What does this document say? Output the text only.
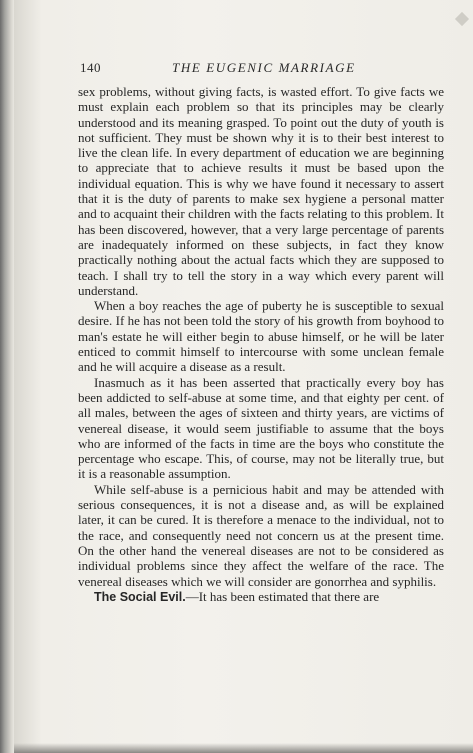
140	THE EUGENIC MARRIAGE

sex problems, without giving facts, is wasted effort. To give facts we must explain each problem so that its principles may be clearly understood and its meaning grasped. To point out the duty of youth is not sufficient. They must be shown why it is to their best interest to live the clean life. In every department of education we are beginning to appreciate that to achieve results it must be based upon the individual equation. This is why we have found it necessary to assert that it is the duty of parents to make sex hygiene a personal matter and to acquaint their children with the facts relating to this problem. It has been discovered, however, that a very large percentage of parents are inadequately informed on these subjects, in fact they know practically nothing about the actual facts which they are supposed to teach. I shall try to tell the story in a way which every parent will understand.

When a boy reaches the age of puberty he is susceptible to sexual desire. If he has not been told the story of his growth from boyhood to man's estate he will either begin to abuse himself, or he will be later enticed to commit himself to intercourse with some unclean female and he will acquire a disease as a result.

Inasmuch as it has been asserted that practically every boy has been addicted to self-abuse at some time, and that eighty per cent. of all males, between the ages of sixteen and thirty years, are victims of venereal disease, it would seem justifiable to assume that the boys who are informed of the facts in time are the boys who constitute the percentage who escape. This, of course, may not be literally true, but it is a reasonable assumption.

While self-abuse is a pernicious habit and may be attended with serious consequences, it is not a disease and, as will be explained later, it can be cured. It is therefore a menace to the individual, not to the race, and consequently need not concern us at the present time. On the other hand the venereal diseases are not to be considered as individual problems since they affect the welfare of the race. The venereal diseases which we will consider are gonorrhea and syphilis.

The Social Evil.—It has been estimated that there are
